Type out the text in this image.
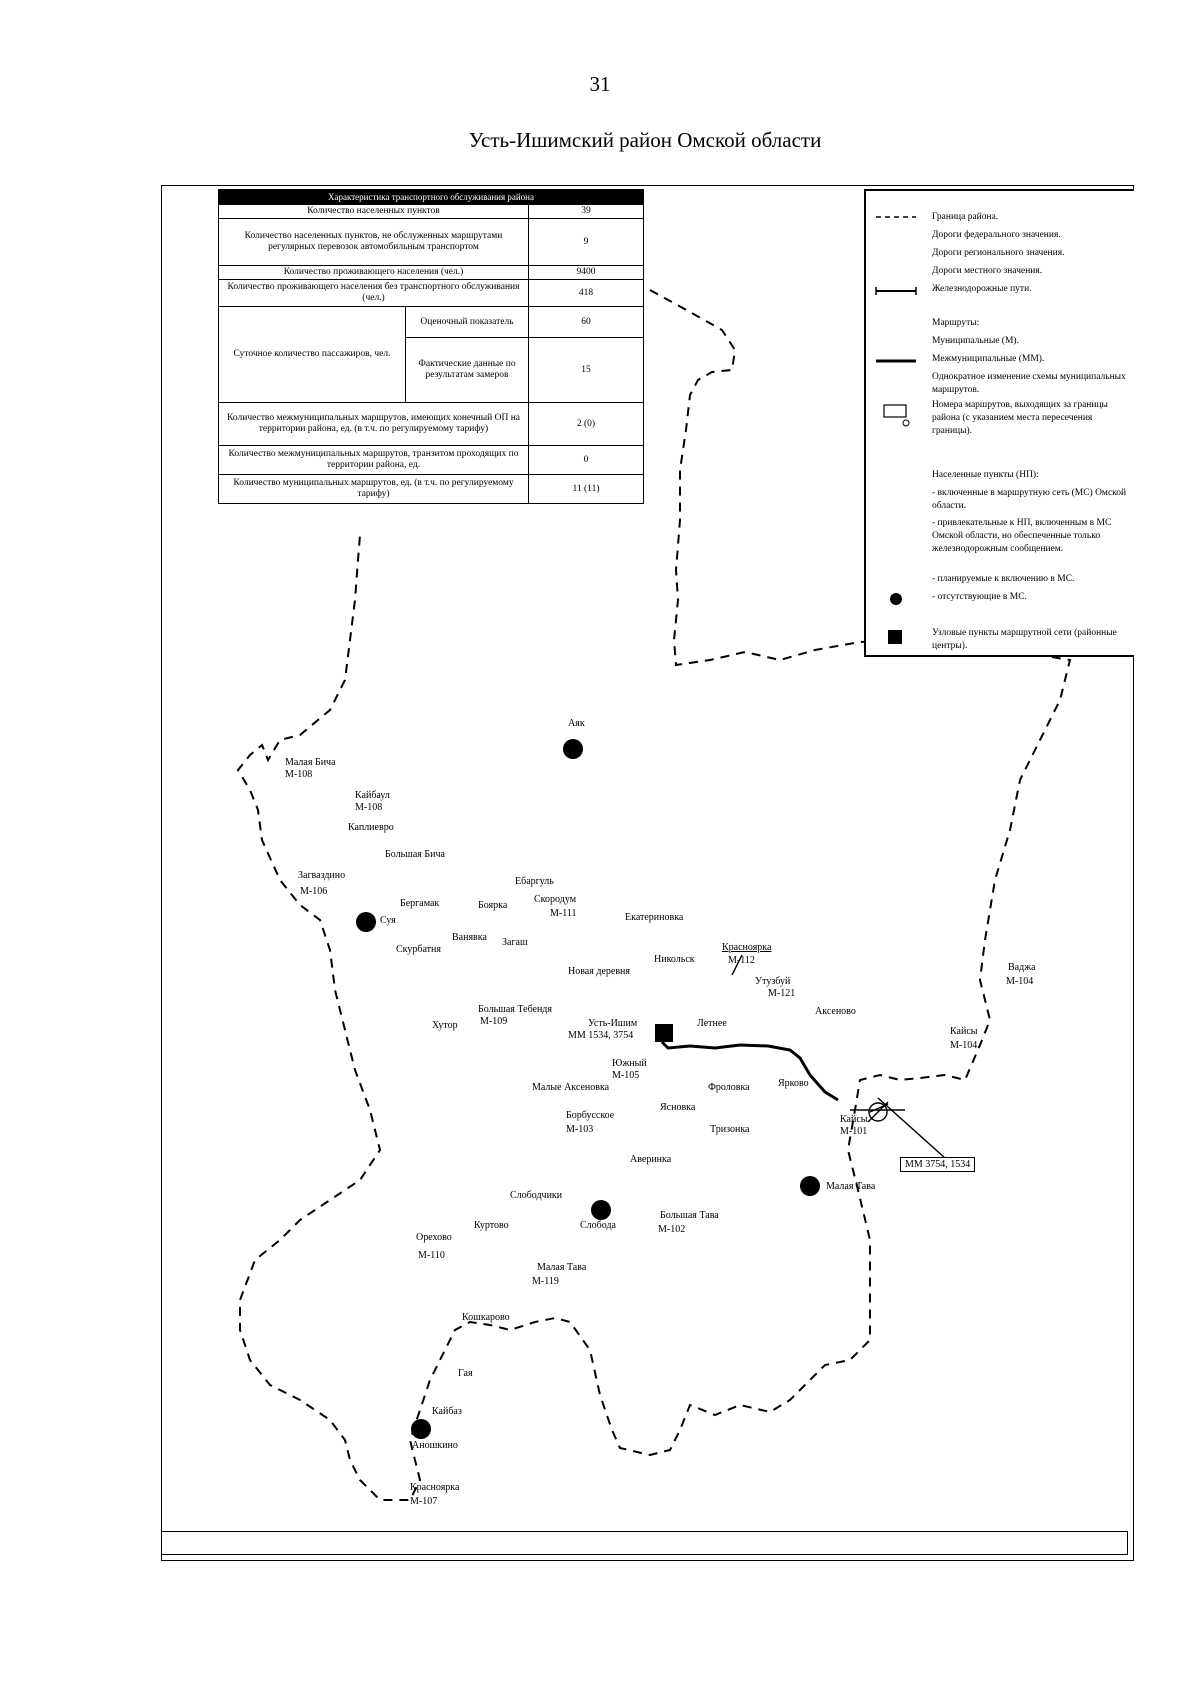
31
Усть-Ишимский район Омской области
Характеристика транспортного обслуживания района		
Количество населенных пунктов		39
Количество населенных пунктов, не обслуженных маршрутами регулярных перевозок автомобильным транспортом		9
Количество проживающего населения (чел.)		9400
Количество проживающего населения без транспортного обслуживания (чел.)		418
Суточное количество пассажиров, чел.	Оценочный показатель	60
	Фактические данные по результатам замеров	15
Количество межмуниципальных маршрутов, имеющих конечный ОП на территории района, ед. (в т.ч. по регулируемому тарифу)		2 (0)
Количество межмуниципальных маршрутов, транзитом проходящих по территории района, ед.		0
Количество муниципальных маршрутов, ед. (в т.ч. по регулируемому тарифу)		11 (11)
Граница района.
Дороги федерального значения.
Дороги регионального значения.
Дороги местного значения.
Железнодорожные пути.
Маршруты:
Муниципальные (М).
Межмуниципальные (ММ).
Однократное изменение схемы муниципальных маршрутов.
Номера маршрутов, выходящих за границы района (с указанием места пересечения границы).
Населенные пункты (НП):
- включенные в маршрутную сеть (МС) Омской области.
- привлекательные к НП, включенным в МС Омской области, но обеспеченные только железнодорожным сообщением.
- планируемые к включению в МС.
- отсутствующие в МС.
Узловые пункты маршрутной сети (районные центры).
Аяк
Малая Бича
М-108
Кайбаул
М-108
Каплиевро
Большая Бича
Загваздино
М-106
Суя
Ебаргуль
Бергамак	Боярка
Скородум
М-111	Екатериновка
Ванявка Загаш
Скурбатня
Новая деревня
Никольск
Красноярка
М-112
Утузбуй
М-121
Аксеново
Ваджа
М-104
Большая Тебендя
М-109
Хутор	Усть-Ишим
ММ 1534, 3754
Летнее
Кайсы
М-104
Южный
М-105
Малые Аксеновка	Фроловка	Ярково
Ясновка
Борбусское
М-103
Кайсы
М-101
Тризонка
Аверинка
Малая Тава
Слободчики
Куртово	Слобода
Большая Тава
М-102
Орехово
М-110
Малая Тава
М-119
Кошкарово
Гая
Кайбаз
Аношкино
Красноярка
М-107
ММ 3754, 1534
